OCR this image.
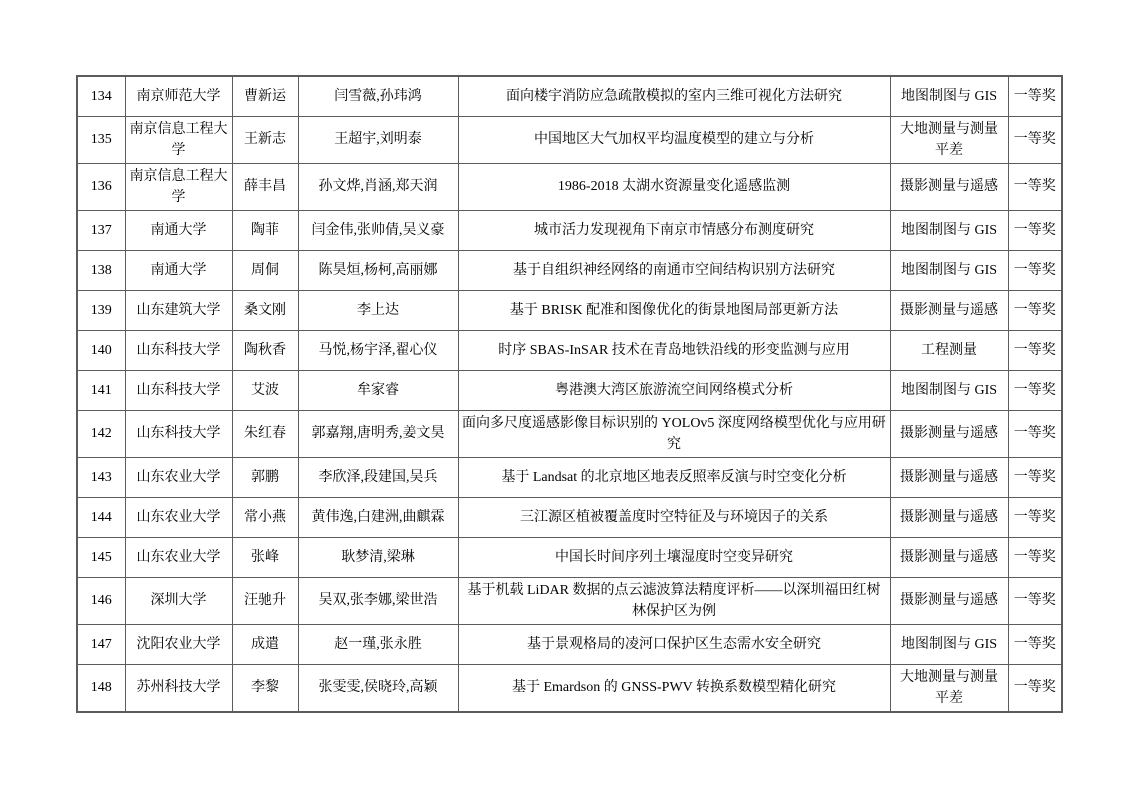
134	南京师范大学	曹新运	闫雪薇,孙玮鸿	面向楼宇消防应急疏散模拟的室内三维可视化方法研究	地图制图与 GIS	一等奖
135	南京信息工程大学	王新志	王超宇,刘明泰	中国地区大气加权平均温度模型的建立与分析	大地测量与测量平差	一等奖
136	南京信息工程大学	薛丰昌	孙文烨,肖涵,郑天润	1986-2018 太湖水资源量变化遥感监测	摄影测量与遥感	一等奖
137	南通大学	陶菲	闫金伟,张帅倩,吴义豪	城市活力发现视角下南京市情感分布测度研究	地图制图与 GIS	一等奖
138	南通大学	周侗	陈昊烜,杨柯,高丽娜	基于自组织神经网络的南通市空间结构识别方法研究	地图制图与 GIS	一等奖
139	山东建筑大学	桑文刚	李上达	基于 BRISK 配准和图像优化的街景地图局部更新方法	摄影测量与遥感	一等奖
140	山东科技大学	陶秋香	马悦,杨宇泽,翟心仪	时序 SBAS-InSAR 技术在青岛地铁沿线的形变监测与应用	工程测量	一等奖
141	山东科技大学	艾波	牟家睿	粤港澳大湾区旅游流空间网络模式分析	地图制图与 GIS	一等奖
142	山东科技大学	朱红春	郭嘉翔,唐明秀,姜文昊	面向多尺度遥感影像目标识别的 YOLOv5 深度网络模型优化与应用研究	摄影测量与遥感	一等奖
143	山东农业大学	郭鹏	李欣泽,段建国,吴兵	基于 Landsat 的北京地区地表反照率反演与时空变化分析	摄影测量与遥感	一等奖
144	山东农业大学	常小燕	黄伟逸,白建洲,曲麒霖	三江源区植被覆盖度时空特征及与环境因子的关系	摄影测量与遥感	一等奖
145	山东农业大学	张峰	耿梦清,梁琳	中国长时间序列土壤湿度时空变异研究	摄影测量与遥感	一等奖
146	深圳大学	汪驰升	吴双,张李娜,梁世浩	基于机载 LiDAR 数据的点云滤波算法精度评析——以深圳福田红树林保护区为例	摄影测量与遥感	一等奖
147	沈阳农业大学	成遣	赵一瑾,张永胜	基于景观格局的凌河口保护区生态需水安全研究	地图制图与 GIS	一等奖
148	苏州科技大学	李黎	张雯雯,侯晓玲,高颖	基于 Emardson 的 GNSS-PWV 转换系数模型精化研究	大地测量与测量平差	一等奖
